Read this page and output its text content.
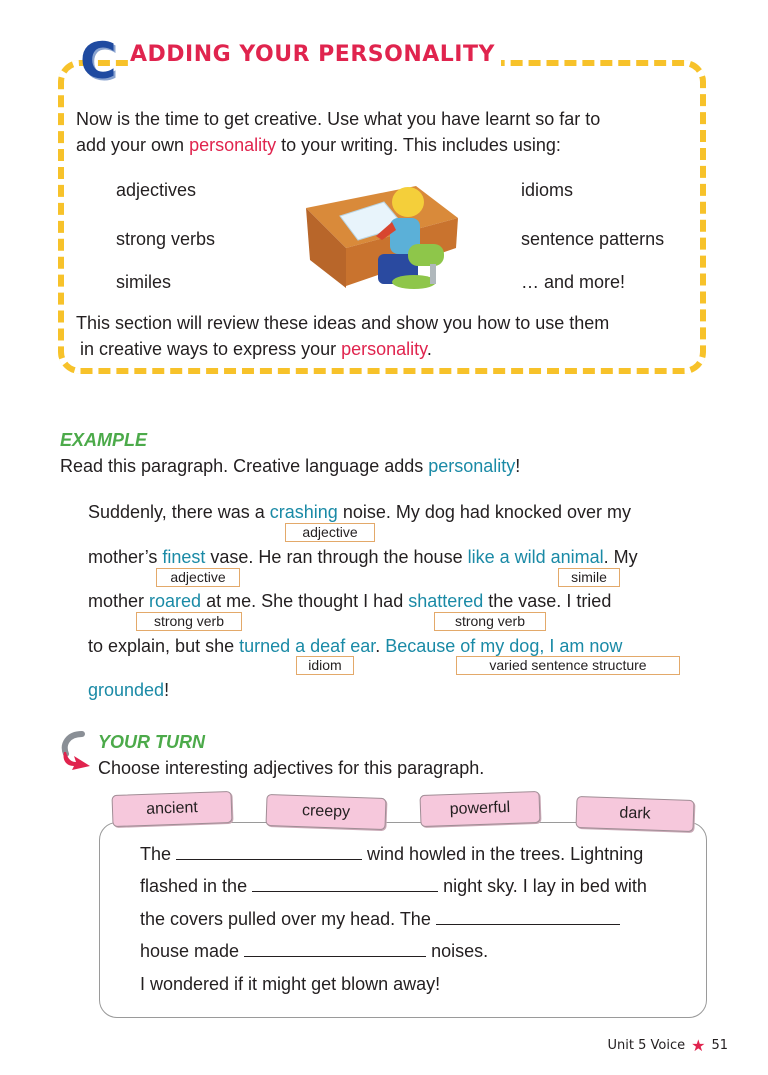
C ADDING YOUR PERSONALITY
Now is the time to get creative. Use what you have learnt so far to
add your own personality to your writing. This includes using:
adjectives
strong verbs
similes
idioms
sentence patterns
… and more!
This section will review these ideas and show you how to use them
in creative ways to express your personality.
EXAMPLE
Read this paragraph. Creative language adds personality!
Suddenly, there was a crashing noise. My dog had knocked over my
adjective
mother’s finest vase. He ran through the house like a wild animal. My
adjective	simile
mother roared at me. She thought I had shattered the vase. I tried
strong verb	strong verb
to explain, but she turned a deaf ear. Because of my dog, I am now
idiom	varied sentence structure
grounded!
YOUR TURN
Choose interesting adjectives for this paragraph.
ancient	creepy	powerful	dark
The	wind howled in the trees. Lightning
flashed in the	night sky. I lay in bed with
the covers pulled over my head. The
house made	noises.
I wondered if it might get blown away!
Unit 5 Voice ★ 51
